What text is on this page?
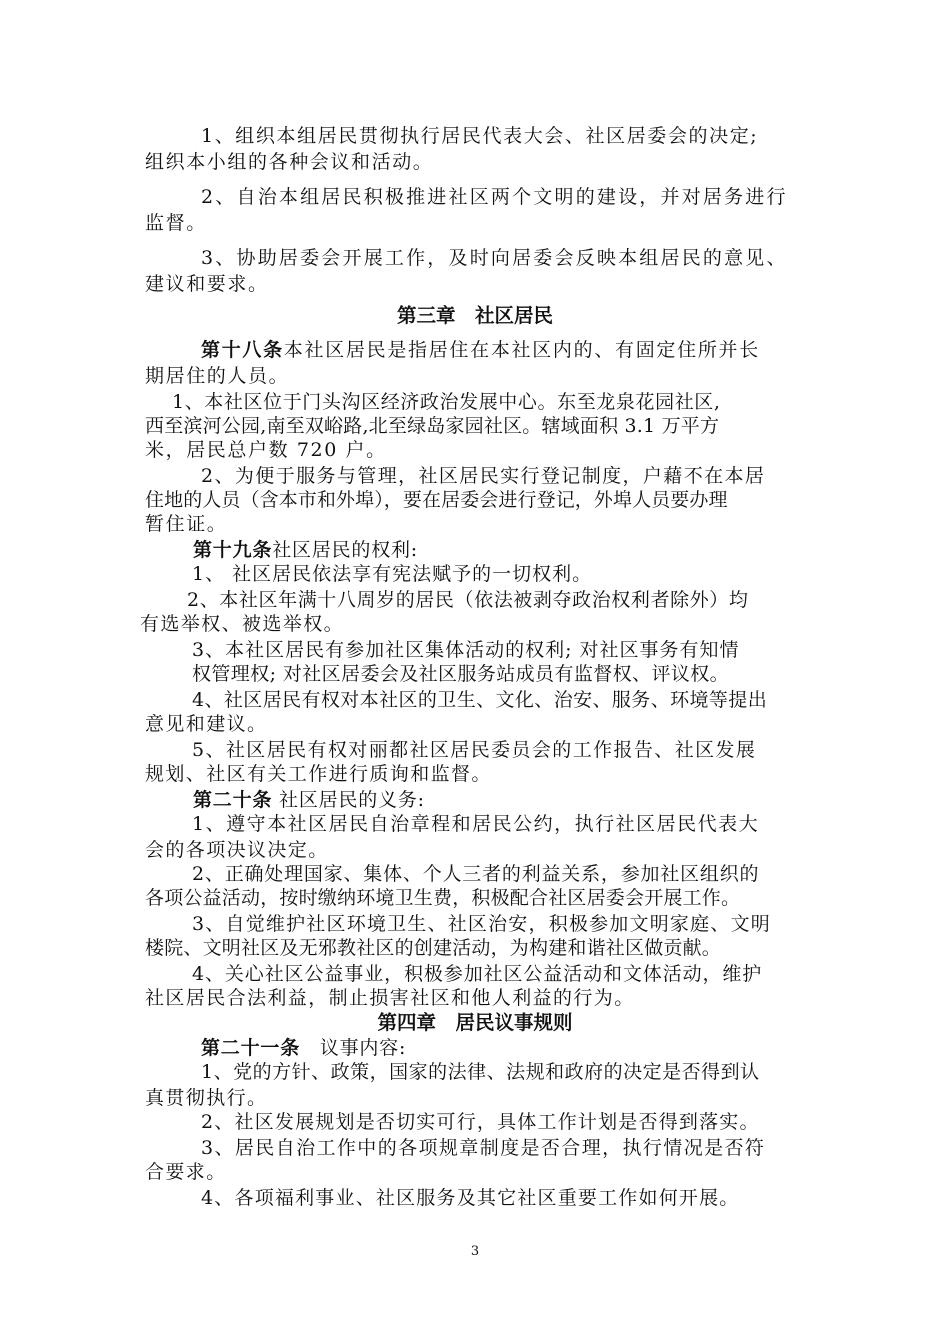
1、组织本组居民贯彻执行居民代表大会、社区居委会的决定;
组织本小组的各种会议和活动。
2、自治本组居民积极推进社区两个文明的建设，并对居务进行
监督。
3、协助居委会开展工作，及时向居委会反映本组居民的意见、
建议和要求。
第三章　社区居民
第十八条本社区居民是指居住在本社区内的、有固定住所并长
期居住的人员。
1、本社区位于门头沟区经济政治发展中心。东至龙泉花园社区,
西至滨河公园,南至双峪路,北至绿岛家园社区。辖域面积 3.1 万平方
米，居民总户数 720 户。
2、为便于服务与管理，社区居民实行登记制度，户藉不在本居
住地的人员（含本市和外埠），要在居委会进行登记，外埠人员要办理
暂住证。
第十九条社区居民的权利:
1、 社区居民依法享有宪法赋予的一切权利。
2、本社区年满十八周岁的居民（依法被剥夺政治权利者除外）均
有选举权、被选举权。
3、本社区居民有参加社区集体活动的权利; 对社区事务有知情
权管理权; 对社区居委会及社区服务站成员有监督权、评议权。
4、社区居民有权对本社区的卫生、文化、治安、服务、环境等提出
意见和建议。
5、社区居民有权对丽都社区居民委员会的工作报告、社区发展
规划、社区有关工作进行质询和监督。
第二十条 社区居民的义务:
1、遵守本社区居民自治章程和居民公约，执行社区居民代表大
会的各项决议决定。
2、正确处理国家、集体、个人三者的利益关系，参加社区组织的
各项公益活动，按时缴纳环境卫生费，积极配合社区居委会开展工作。
3、自觉维护社区环境卫生、社区治安，积极参加文明家庭、文明
楼院、文明社区及无邪教社区的创建活动，为构建和谐社区做贡献。
4、关心社区公益事业，积极参加社区公益活动和文体活动，维护
社区居民合法利益，制止损害社区和他人利益的行为。
第四章　居民议事规则
第二十一条　议事内容:
1、党的方针、政策，国家的法律、法规和政府的决定是否得到认
真贯彻执行。
2、社区发展规划是否切实可行，具体工作计划是否得到落实。
3、居民自治工作中的各项规章制度是否合理，执行情况是否符
合要求。
4、各项福利事业、社区服务及其它社区重要工作如何开展。
3
